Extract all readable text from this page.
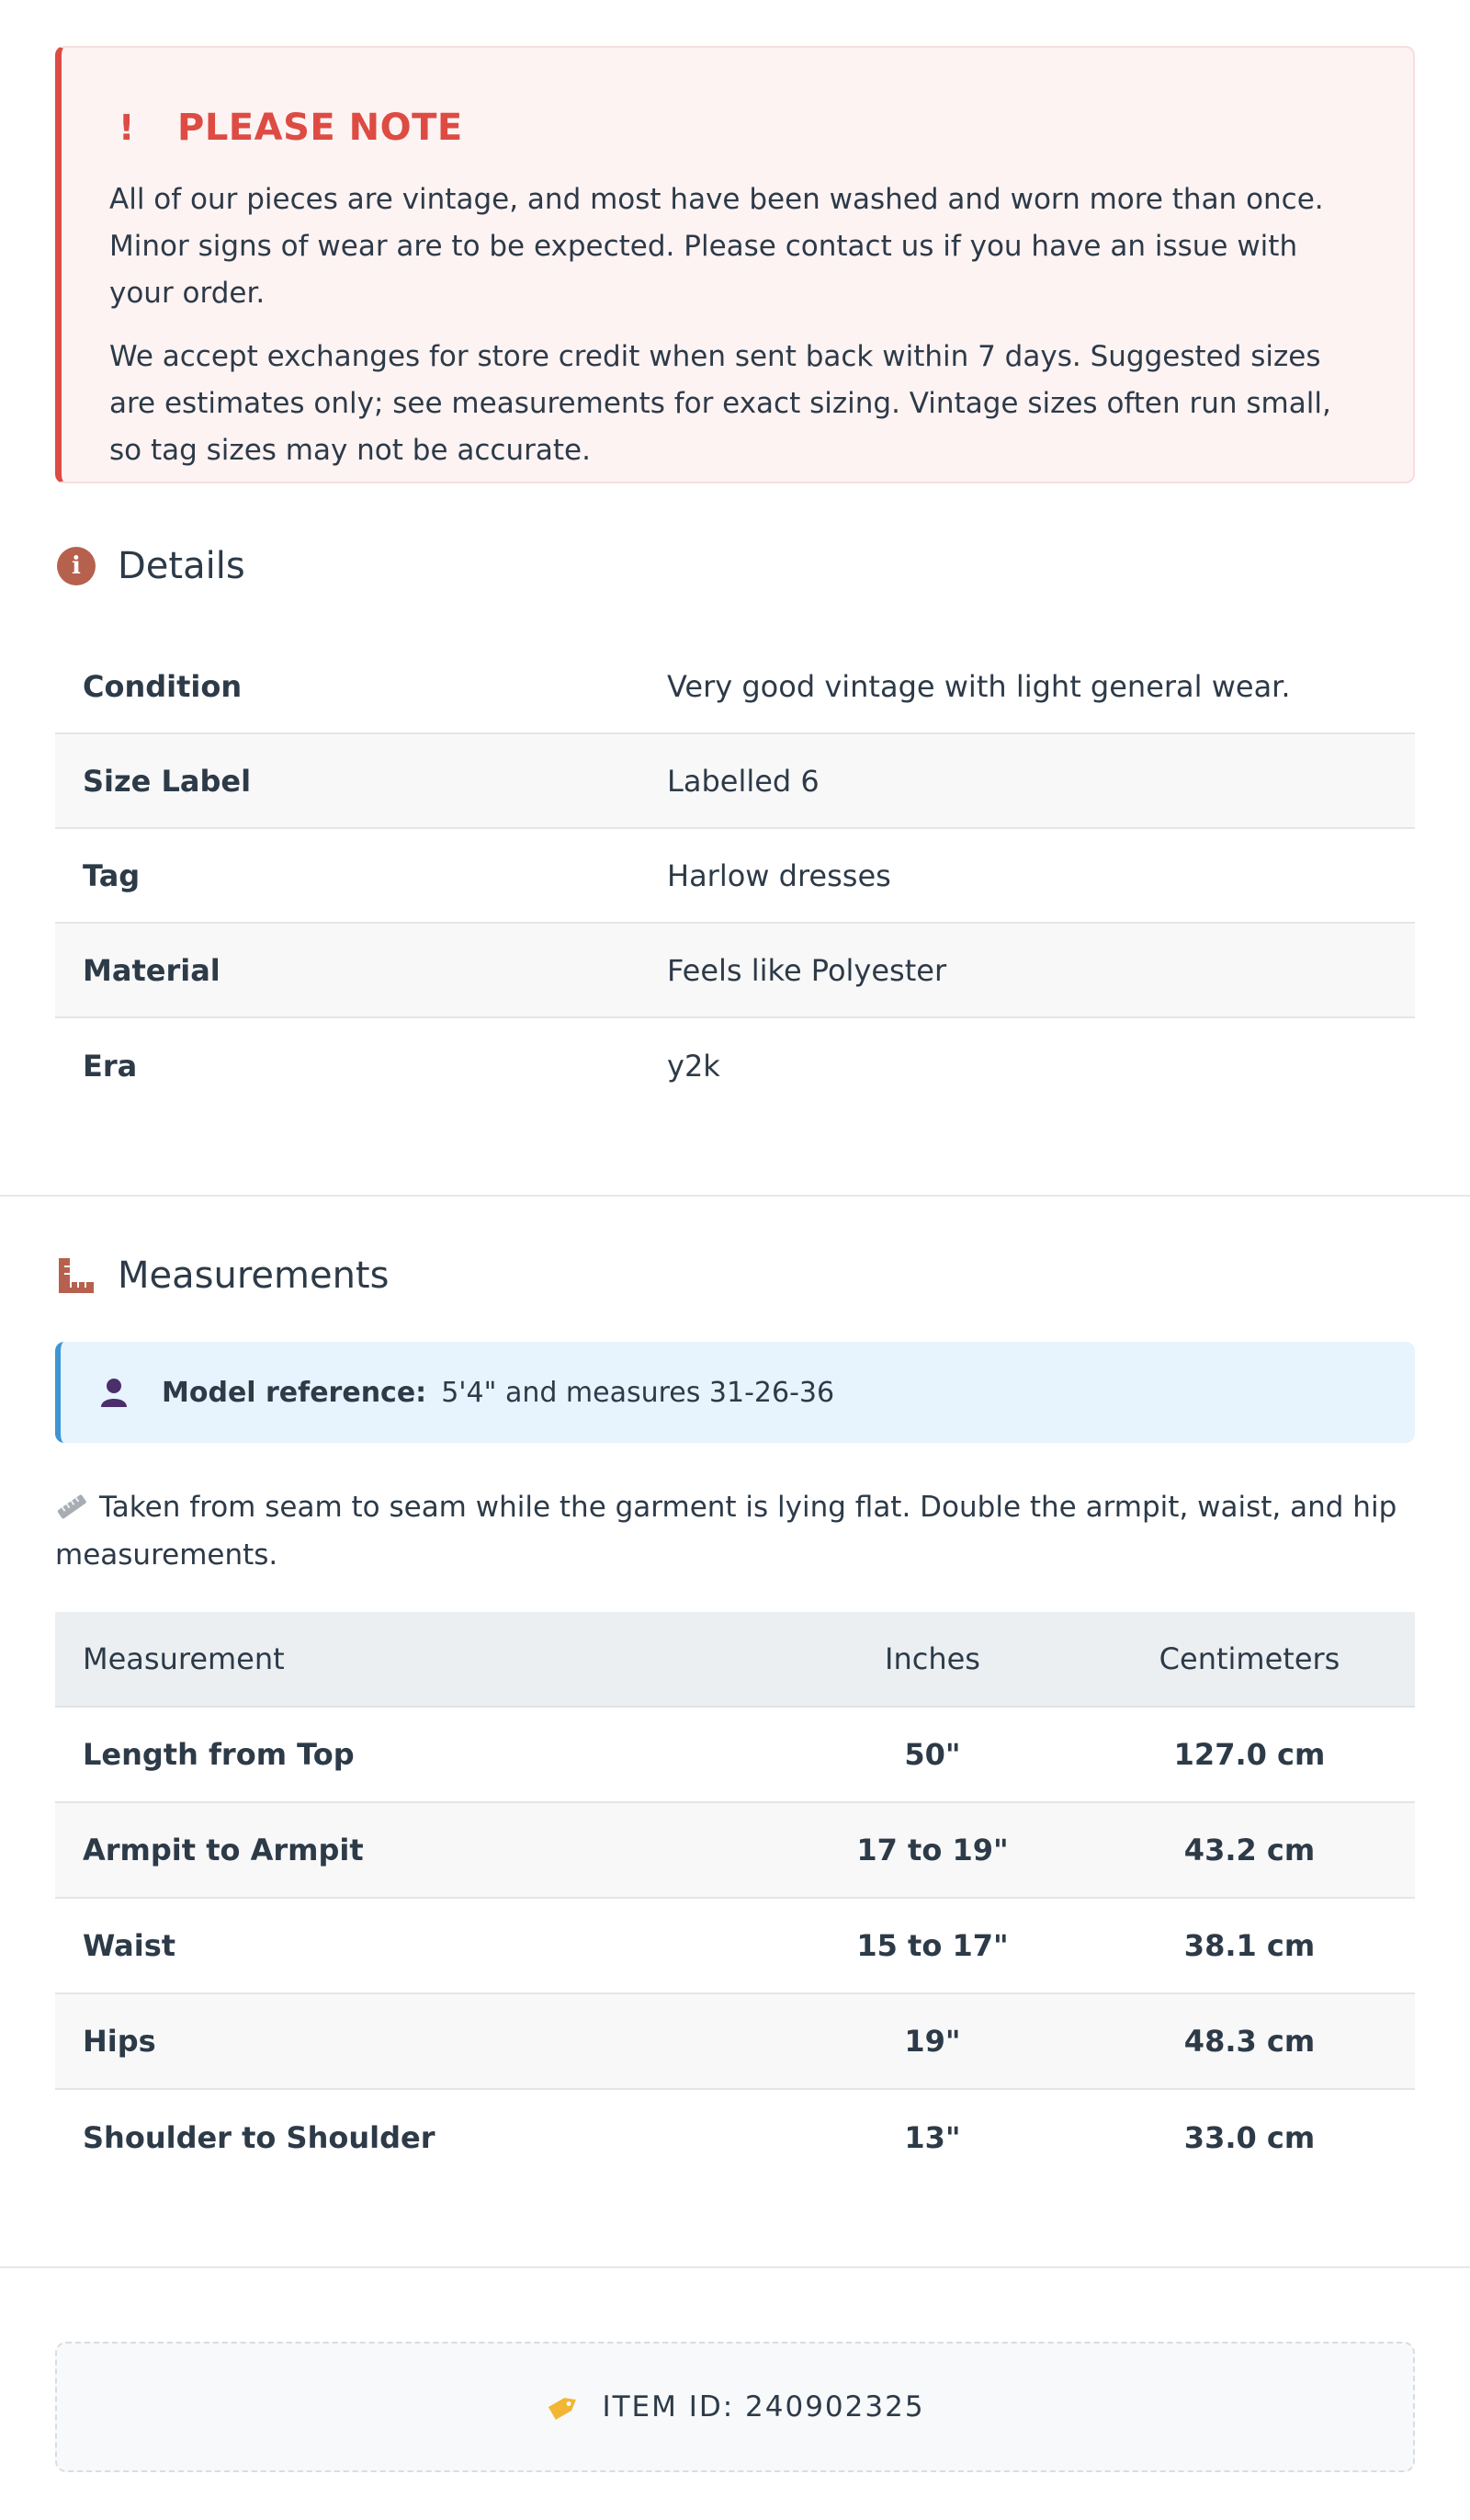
!	PLEASE NOTE

All of our pieces are vintage, and most have been washed and worn more than once. Minor signs of wear are to be expected. Please contact us if you have an issue with your order.

We accept exchanges for store credit when sent back within 7 days. Suggested sizes are estimates only; see measurements for exact sizing. Vintage sizes often run small, so tag sizes may not be accurate.

i	Details
Condition	Very good vintage with light general wear.
Size Label	Labelled 6
Tag	Harlow dresses
Material	Feels like Polyester
Era	y2k
Measurements
Model reference: 5'4" and measures 31-26-36
Taken from seam to seam while the garment is lying flat. Double the armpit, waist, and hip measurements.
Measurement	Inches	Centimeters
Length from Top	50"	127.0 cm
Armpit to Armpit	17 to 19"	43.2 cm
Waist	15 to 17"	38.1 cm
Hips	19"	48.3 cm
Shoulder to Shoulder	13"	33.0 cm
ITEM ID: 240902325
